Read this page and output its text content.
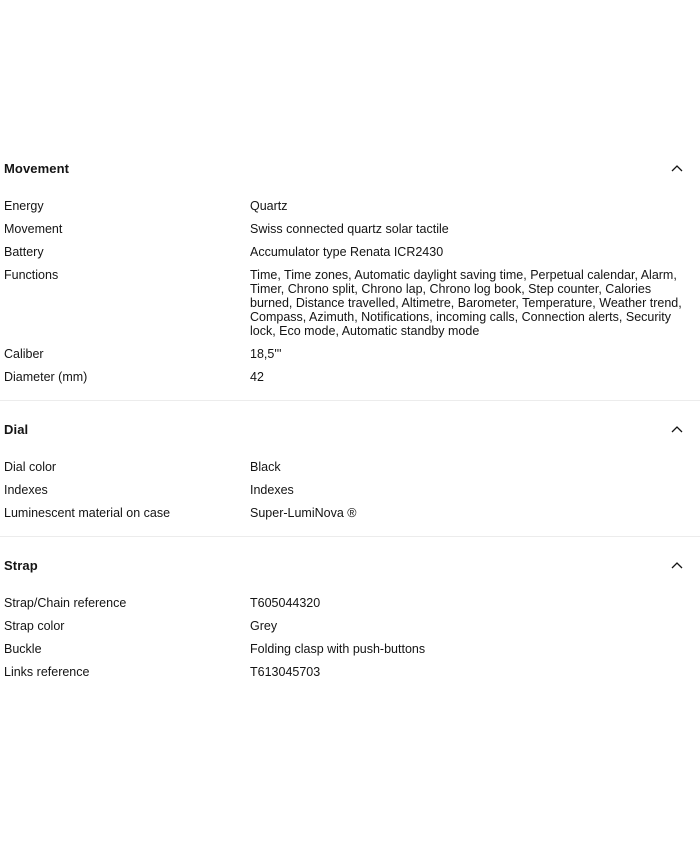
Movement
Energy	Quartz
Movement	Swiss connected quartz solar tactile
Battery	Accumulator type Renata ICR2430
Functions	Time, Time zones, Automatic daylight saving time, Perpetual calendar, Alarm, Timer, Chrono split, Chrono lap, Chrono log book, Step counter, Calories burned, Distance travelled, Altimetre, Barometer, Temperature, Weather trend, Compass, Azimuth, Notifications, incoming calls, Connection alerts, Security lock, Eco mode, Automatic standby mode
Caliber	18,5'''
Diameter (mm)	42
Dial
Dial color	Black
Indexes	Indexes
Luminescent material on case	Super-LumiNova ®
Strap
Strap/Chain reference	T605044320
Strap color	Grey
Buckle	Folding clasp with push-buttons
Links reference	T613045703
